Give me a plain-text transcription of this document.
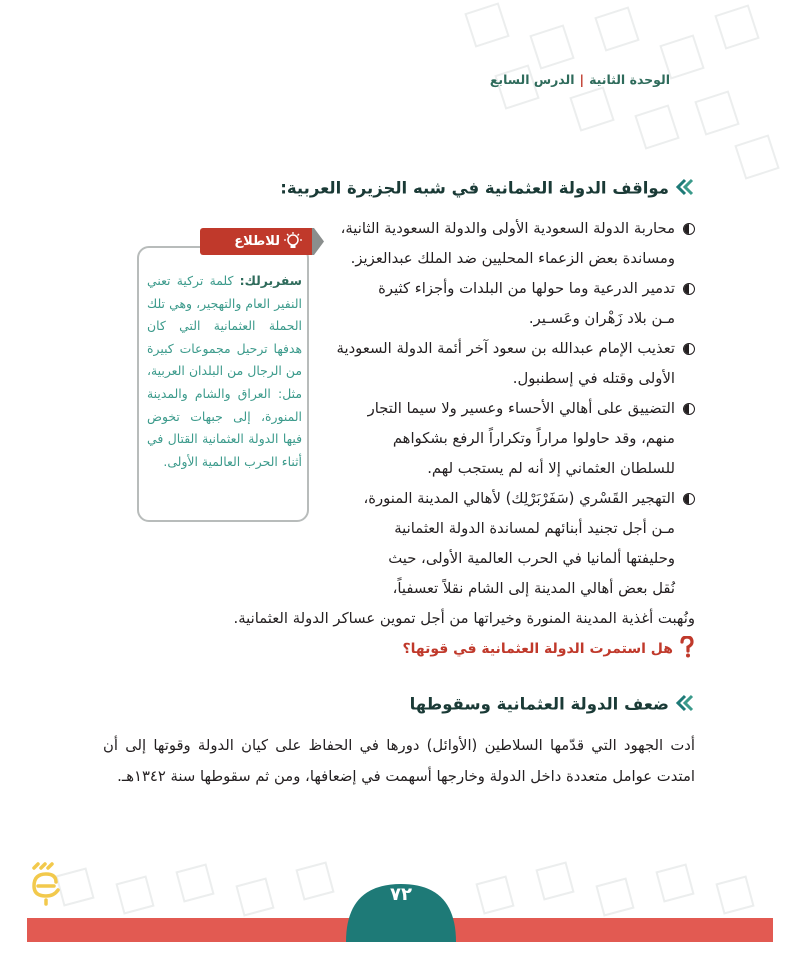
الوحدة الثانية|الدرس السابع
مواقف الدولة العثمانية في شبه الجزيرة العربية:
محاربة الدولة السعودية الأولى والدولة السعودية الثانية،
ومساندة بعض الزعماء المحليين ضد الملك عبدالعزيز.
تدمير الدرعية وما حولها من البلدات وأجزاء كثيرة
مـن بلاد زَهْران وعَسـير.
تعذيب الإمام عبدالله بن سعود آخر أئمة الدولة السعودية
الأولى وقتله في إسطنبول.
التضييق على أهالي الأحساء وعسير ولا سيما التجار
منهم، وقد حاولوا مراراً وتكراراً الرفع بشكواهم
للسلطان العثماني إلا أنه لم يستجب لهم.
التهجير القَسْري (سَفَرْبَرْلِك) لأهالي المدينة المنورة،
مـن أجل تجنيد أبنائهم لمساندة الدولة العثمانية
وحليفتها ألمانيا في الحرب العالمية الأولى، حيث
نُقل بعض أهالي المدينة إلى الشام نقلاً تعسفياً،
ونُهبت أغذية المدينة المنورة وخيراتها من أجل تموين عساكر الدولة العثمانية.
للاطلاع
سفربرلك: كلمة تركية تعني النفير العام والتهجير، وهي تلك الحملة العثمانية التي كان هدفها ترحيل مجموعات كبيرة من الرجال من البلدان العربية، مثل: العراق والشام والمدينة المنورة، إلى جبهات تخوض فيها الدولة العثمانية القتال في أثناء الحرب العالمية الأولى.
هل استمرت الدولة العثمانية في قوتها؟
ضعف الدولة العثمانية وسقوطها
أدت الجهود التي قدّمها السلاطين (الأوائل) دورها في الحفاظ على كيان الدولة وقوتها إلى أن امتدت عوامل متعددة داخل الدولة وخارجها أسهمت في إضعافها، ومن ثم سقوطها سنة ١٣٤٢هـ.
٧٢
